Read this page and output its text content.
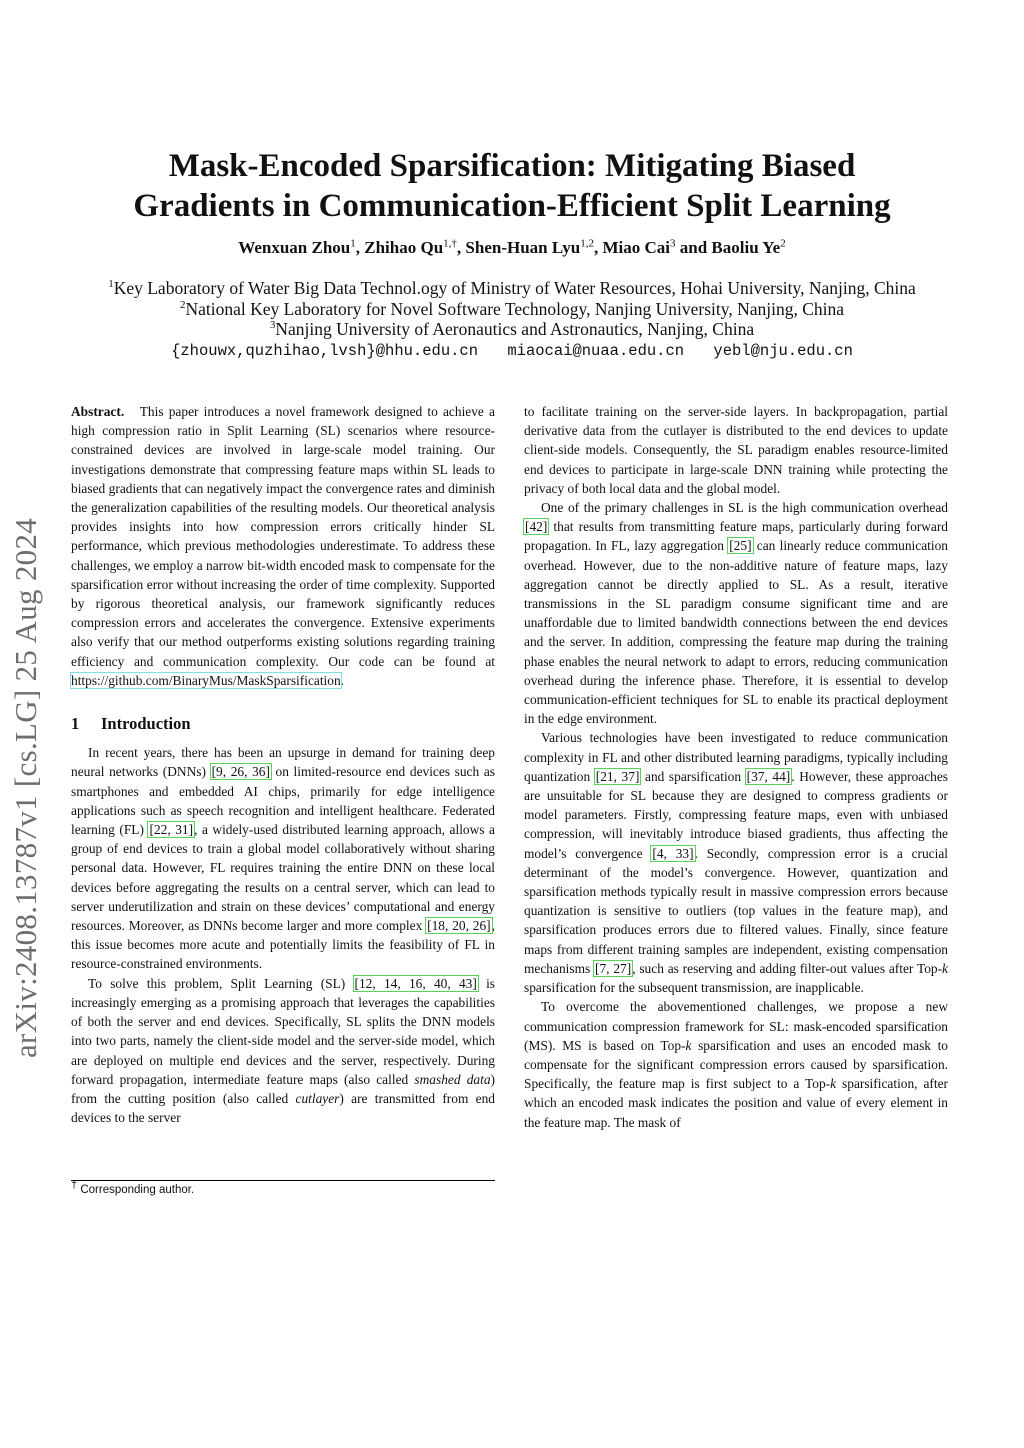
Mask-Encoded Sparsification: Mitigating Biased
Gradients in Communication-Efficient Split Learning
Wenxuan Zhou$^1$, Zhihao $Qu^{1,\dagger}$, Shen-Huan Lyu$^{1,2}$, Miao Cai$^3$ and Baoliu Ye$^2$
$^1$Key Laboratory of Water Big Data Technol.ogy of Ministry of Water Resources, Hohai University, Nanjing, China
$^2$National Key Laboratory for Novel Software Technology, Nanjing University, Nanjing, China
$^3$Nanjing University of Aeronautics and Astronautics, Nanjing, China
{zhouwx,quzhihao,lvsh}@hhu.edu.cn miaocai@nuaa.edu.cn yebl@nju.edu.cn
arXiv:2408.13787v1 [cs.LG] 25 Aug 2024

Abstract. This paper introduces a novel framework designed to achieve a high compression ratio in Split Learning (SL) scenarios where resource-constrained devices are involved in large-scale model training. Our investigations demonstrate that compressing feature maps within SL leads to biased gradients that can negatively impact the convergence rates and diminish the generalization capabilities of the resulting models. Our theoretical analysis provides insights into how compression errors critically hinder SL performance, which previous methodologies underestimate. To address these challenges, we employ a narrow bit-width encoded mask to compensate for the sparsification error without increasing the order of time complexity. Supported by rigorous theoretical analysis, our framework significantly reduces compression errors and accelerates the convergence. Extensive experiments also verify that our method outperforms existing solutions regarding training efficiency and communication complexity. Our code can be found at https://github.com/BinaryMus/MaskSparsification.

1 Introduction

In recent years, there has been an upsurge in demand for training deep neural networks (DNNs) [9, 26, 36] on limited-resource end devices such as smartphones and embedded AI chips, primarily for edge intelligence applications such as speech recognition and intelligent healthcare. Federated learning (FL) [22, 31], a widely-used distributed learning approach, allows a group of end devices to train a global model collaboratively without sharing personal data. However, FL requires training the entire DNN on these local devices before aggregating the results on a central server, which can lead to server underutilization and strain on these devices’ computational and energy resources. Moreover, as DNNs become larger and more complex [18, 20, 26], this issue becomes more acute and potentially limits the feasibility of FL in resource-constrained environments.

To solve this problem, Split Learning (SL) [12, 14, 16, 40, 43] is increasingly emerging as a promising approach that leverages the capabilities of both the server and end devices. Specifically, SL splits the DNN models into two parts, namely the client-side model and the server-side model, which are deployed on multiple end devices and the server, respectively. During forward propagation, intermediate feature maps (also called smashed data) from the cutting position (also called cutlayer) are transmitted from end devices to the server

to facilitate training on the server-side layers. In backpropagation, partial derivative data from the cutlayer is distributed to the end devices to update client-side models. Consequently, the SL paradigm enables resource-limited end devices to participate in large-scale DNN training while protecting the privacy of both local data and the global model.

One of the primary challenges in SL is the high communication overhead [42] that results from transmitting feature maps, particularly during forward propagation. In FL, lazy aggregation [25] can linearly reduce communication overhead. However, due to the non-additive nature of feature maps, lazy aggregation cannot be directly applied to SL. As a result, iterative transmissions in the SL paradigm consume significant time and are unaffordable due to limited bandwidth connections between the end devices and the server. In addition, compressing the feature map during the training phase enables the neural network to adapt to errors, reducing communication overhead during the inference phase. Therefore, it is essential to develop communication-efficient techniques for SL to enable its practical deployment in the edge environment.

Various technologies have been investigated to reduce communication complexity in FL and other distributed learning paradigms, typically including quantization [21, 37] and sparsification [37, 44]. However, these approaches are unsuitable for SL because they are designed to compress gradients or model parameters. Firstly, compressing feature maps, even with unbiased compression, will inevitably introduce biased gradients, thus affecting the model’s convergence [4, 33]. Secondly, compression error is a crucial determinant of the model’s convergence. However, quantization and sparsification methods typically result in massive compression errors because quantization is sensitive to outliers (top values in the feature map), and sparsification produces errors due to filtered values. Finally, since feature maps from different training samples are independent, existing compensation mechanisms [7, 27], such as reserving and adding filter-out values after Top-k sparsification for the subsequent transmission, are inapplicable.

To overcome the abovementioned challenges, we propose a new communication compression framework for SL: mask-encoded sparsification (MS). MS is based on Top-k sparsification and uses an encoded mask to compensate for the significant compression errors caused by sparsification. Specifically, the feature map is first subject to a Top-k sparsification, after which an encoded mask indicates the position and value of every element in the feature map. The mask of

† Corresponding author.
